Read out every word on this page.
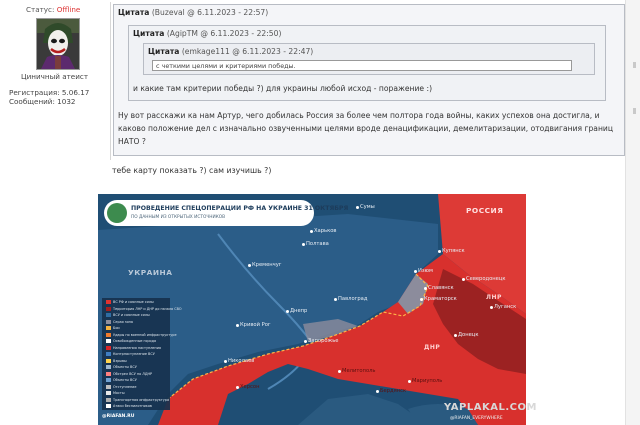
Статус: Offline
Циничный атеист
Регистрация: 5.06.17
Сообщений: 1032
Цитата (Buzeval @ 6.11.2023 - 22:57)
Цитата (AgipTM @ 6.11.2023 - 22:50)
Цитата (emkage111 @ 6.11.2023 - 22:47)
с четкими целями и критериями победы.
и какие там критерии победы ?) для украины любой исход - поражение :)
Ну вот расскажи ка нам Артур, чего добилась Россия за более чем полтора года войны, каких успехов она достигла, и каково положение дел с изначально озвученными целями вроде денацификации, демелитаризации, отодвигания границ НАТО ?
тебе карту показать ?) сам изучишь ?)
ПРОВЕДЕНИЕ СПЕЦОПЕРАЦИИ РФ НА УКРАИНЕ 31 ОКТЯБРЯ
ПО ДАННЫМ ИЗ ОТКРЫТЫХ ИСТОЧНИКОВ
УКРАИНА
РОССИЯ
ЛНР
ДНР
Харьков
Полтава
Купянск
Изюм
Славянск
Краматорск
Луганск
Донецк
Запорожье
Днепр
Николаев
Херсон
Мелитополь
Мариуполь
Бердянск
Кривой Рог
Кременчуг
Сумы
Павлоград
Северодонецк
ВС РФ и союзные силы
Территория ЛНР и ДНР до начала СВО
ВСУ и союзные силы
Серая зона
Бои
Удары по военной инфраструктуре
Освобожденные города
Направления наступления
Контрнаступление ВСУ
Взрывы
Объекты ВСУ
Обстрел ВСУ по ЛДНР
Объекты ВСУ
Отступление
Мосты
Транспортная инфраструктура
Атаки беспилотников
@RIAFAN.RU
YAPLAKAL.COM
@RIAFAN_EVERYWHERE
